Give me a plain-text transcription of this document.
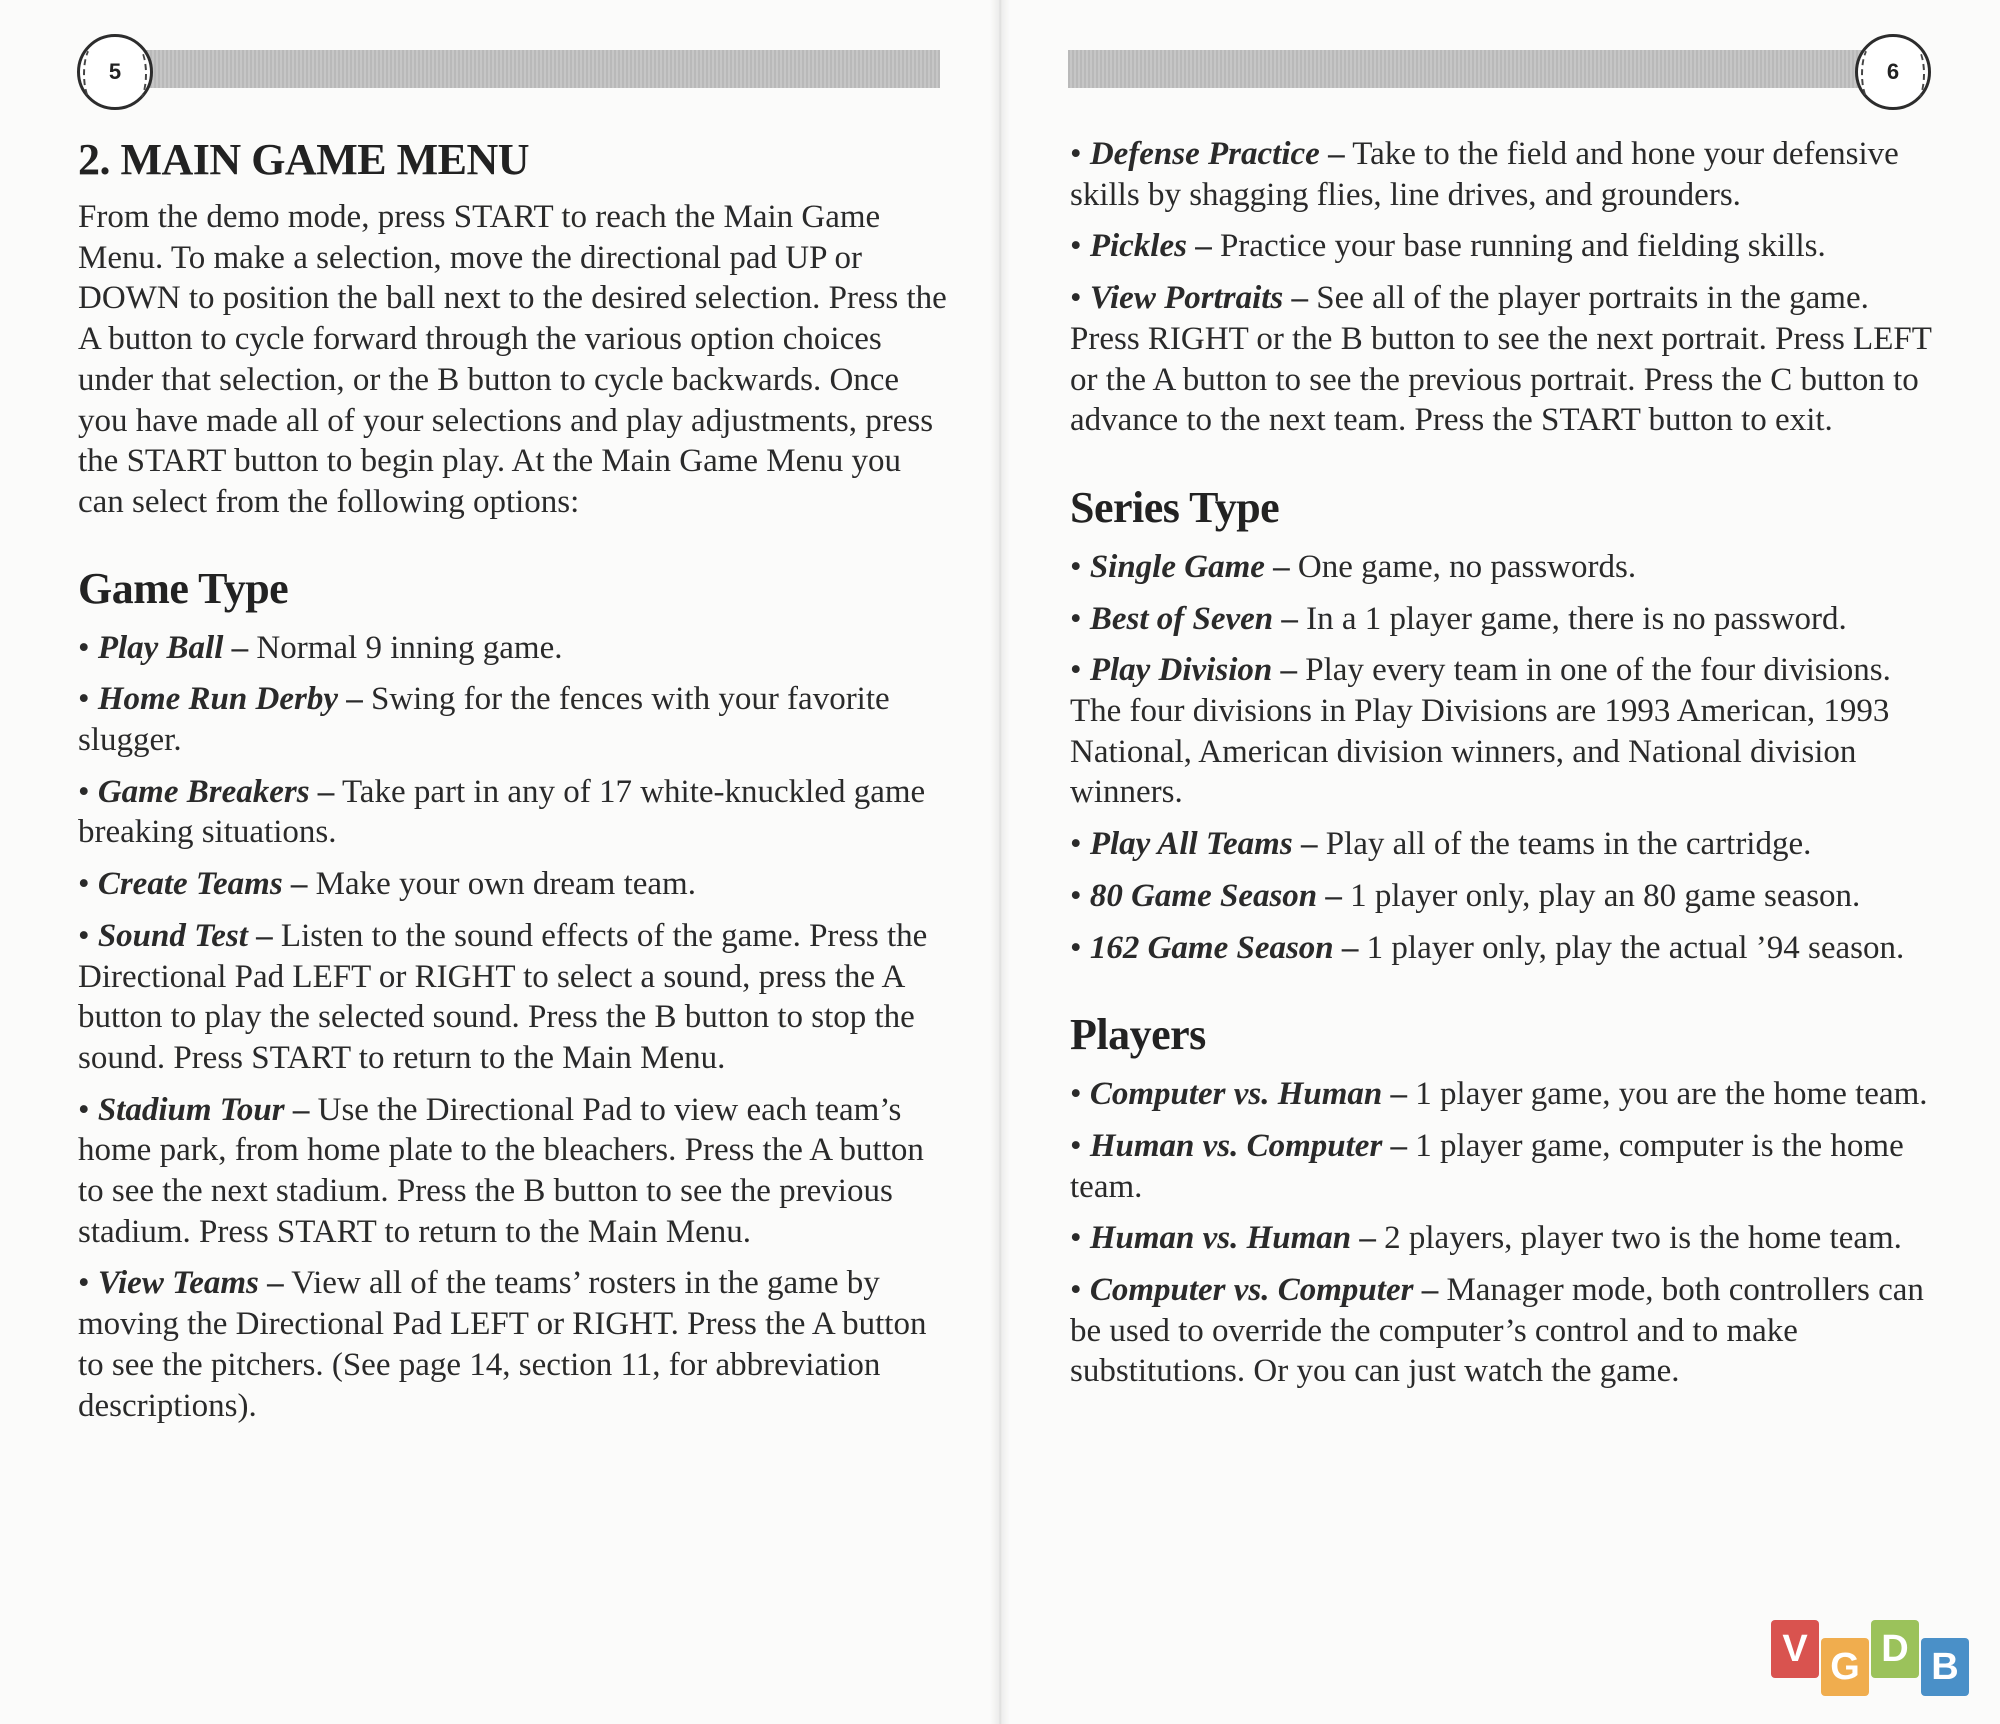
5
2. MAIN GAME MENU

From the demo mode, press START to reach the Main Game Menu. To make a selection, move the directional pad UP or DOWN to position the ball next to the desired selection. Press the A button to cycle forward through the various option choices under that selection, or the B button to cycle backwards. Once you have made all of your selections and play adjustments, press the START button to begin play. At the Main Game Menu you can select from the following options:

Game Type
• Play Ball – Normal 9 inning game.
• Home Run Derby – Swing for the fences with your favorite slugger.
• Game Breakers – Take part in any of 17 white-knuckled game breaking situations.
• Create Teams – Make your own dream team.
• Sound Test – Listen to the sound effects of the game. Press the Directional Pad LEFT or RIGHT to select a sound, press the A button to play the selected sound. Press the B button to stop the sound. Press START to return to the Main Menu.
• Stadium Tour – Use the Directional Pad to view each team’s home park, from home plate to the bleachers. Press the A button to see the next stadium. Press the B button to see the previous stadium. Press START to return to the Main Menu.
• View Teams – View all of the teams’ rosters in the game by moving the Directional Pad LEFT or RIGHT. Press the A button to see the pitchers. (See page 14, section 11, for abbreviation descriptions).
6
• Defense Practice – Take to the field and hone your defensive skills by shagging flies, line drives, and grounders.
• Pickles – Practice your base running and fielding skills.
• View Portraits – See all of the player portraits in the game. Press RIGHT or the B button to see the next portrait. Press LEFT or the A button to see the previous portrait. Press the C button to advance to the next team. Press the START button to exit.
Series Type
• Single Game – One game, no passwords.
• Best of Seven – In a 1 player game, there is no password.
• Play Division – Play every team in one of the four divisions. The four divisions in Play Divisions are 1993 American, 1993 National, American division winners, and National division winners.
• Play All Teams – Play all of the teams in the cartridge.
• 80 Game Season – 1 player only, play an 80 game season.
• 162 Game Season – 1 player only, play the actual ’94 season.
Players
• Computer vs. Human – 1 player game, you are the home team.
• Human vs. Computer – 1 player game, computer is the home team.
• Human vs. Human – 2 players, player two is the home team.
• Computer vs. Computer – Manager mode, both controllers can be used to override the computer’s control and to make substitutions. Or you can just watch the game.
V G D B
